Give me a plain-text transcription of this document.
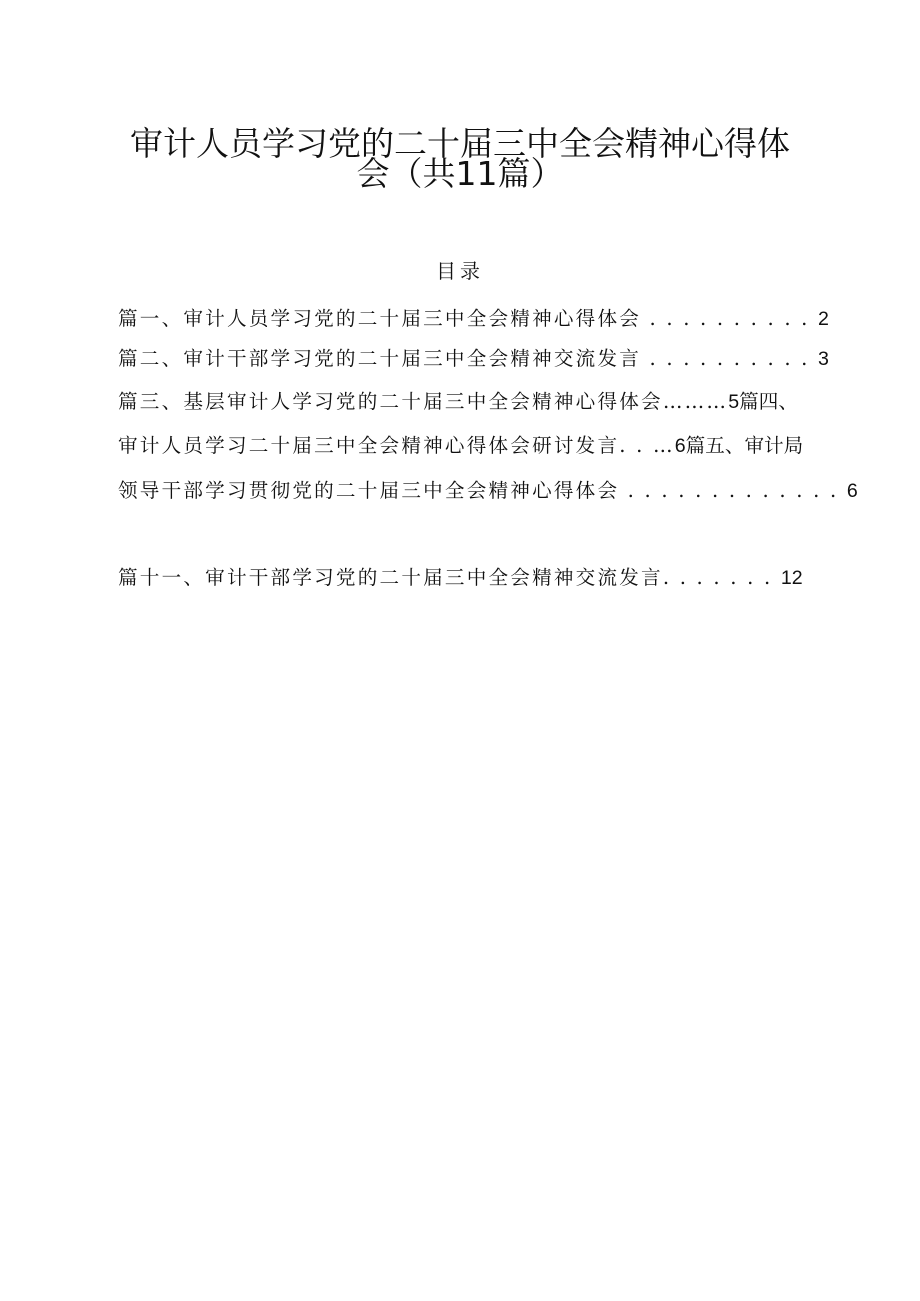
审计人员学习党的二十届三中全会精神心得体
会（共11篇）
目录
篇一、审计人员学习党的二十届三中全会精神心得体会 . . . . . . . . . . 2
篇二、审计干部学习党的二十届三中全会精神交流发言 . . . . . . . . . . 3
篇三、基层审计人学习党的二十届三中全会精神心得体会………5篇四、
审计人员学习二十届三中全会精神心得体会研讨发言. . …6篇五、审计局
领导干部学习贯彻党的二十届三中全会精神心得体会 . . . . . . . . . . . . . 6
篇十一、审计干部学习党的二十届三中全会精神交流发言. . . . . . . 12
